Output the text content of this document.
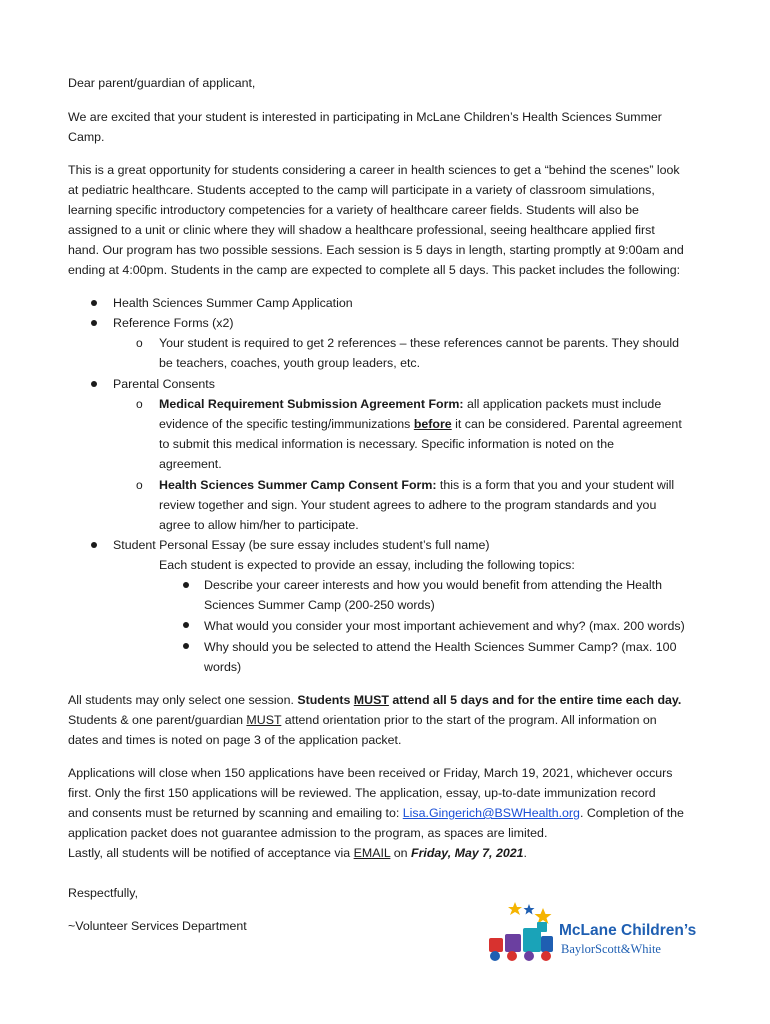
Dear parent/guardian of applicant,
We are excited that your student is interested in participating in McLane Children’s Health Sciences Summer
Camp.
This is a great opportunity for students considering a career in health sciences to get a “behind the scenes” look
at pediatric healthcare. Students accepted to the camp will participate in a variety of classroom simulations,
learning specific introductory competencies for a variety of healthcare career fields. Students will also be
assigned to a unit or clinic where they will shadow a healthcare professional, seeing healthcare applied first
hand. Our program has two possible sessions. Each session is 5 days in length, starting promptly at 9:00am and
ending at 4:00pm. Students in the camp are expected to complete all 5 days. This packet includes the following:
Health Sciences Summer Camp Application
Reference Forms (x2)
o Your student is required to get 2 references – these references cannot be parents. They should
be teachers, coaches, youth group leaders, etc.
Parental Consents
o Medical Requirement Submission Agreement Form: all application packets must include
evidence of the specific testing/immunizations before it can be considered. Parental agreement
to submit this medical information is necessary. Specific information is noted on the
agreement.
o Health Sciences Summer Camp Consent Form: this is a form that you and your student will
review together and sign. Your student agrees to adhere to the program standards and you
agree to allow him/her to participate.
Student Personal Essay (be sure essay includes student’s full name)
Each student is expected to provide an essay, including the following topics:
Describe your career interests and how you would benefit from attending the Health
Sciences Summer Camp (200-250 words)
What would you consider your most important achievement and why? (max. 200 words)
Why should you be selected to attend the Health Sciences Summer Camp? (max. 100
words)
All students may only select one session. Students MUST attend all 5 days and for the entire time each day.
Students & one parent/guardian MUST attend orientation prior to the start of the program. All information on
dates and times is noted on page 3 of the application packet.
Applications will close when 150 applications have been received or Friday, March 19, 2021, whichever occurs
first. Only the first 150 applications will be reviewed. The application, essay, up-to-date immunization record
and consents must be returned by scanning and emailing to: Lisa.Gingerich@BSWHealth.org. Completion of the
application packet does not guarantee admission to the program, as spaces are limited.
Lastly, all students will be notified of acceptance via EMAIL on Friday, May 7, 2021.
Respectfully,
~Volunteer Services Department	McLane Children’s
BaylorScott&White
